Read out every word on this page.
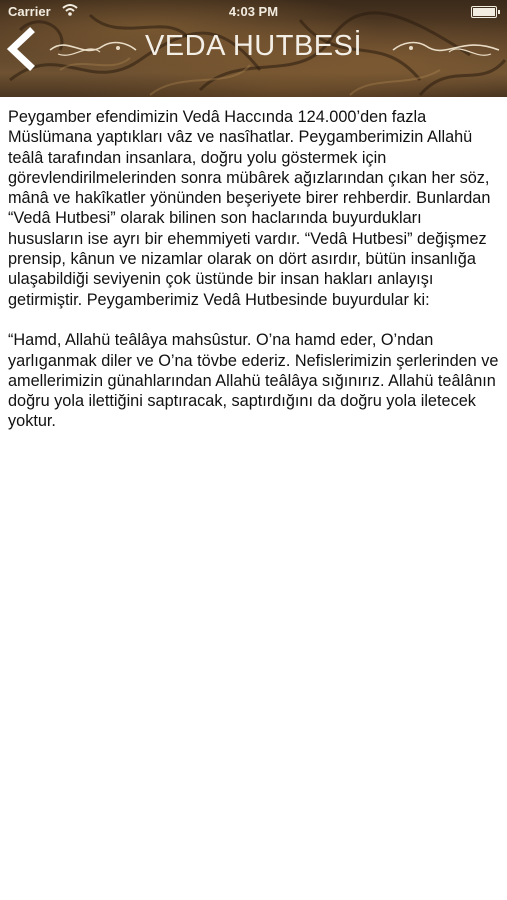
Carrier	4:03 PM
VEDA HUTBESİ

Peygamber efendimizin Vedâ Haccında 124.000’den fazla Müslümana yaptıkları vâz ve nasîhatlar. Peygamberimizin Allahü teâlâ tarafından insanlara, doğru yolu göstermek için görevlendirilmelerinden sonra mübârek ağızlarından çıkan her söz, mânâ ve hakîkatler yönünden beşeriyete birer rehberdir. Bunlardan “Vedâ Hutbesi” olarak bilinen son haclarında buyurdukları hususların ise ayrı bir ehemmiyeti vardır. “Vedâ Hutbesi” değişmez prensip, kânun ve nizamlar olarak on dört asırdır, bütün insanlığa ulaşabildiği seviyenin çok üstünde bir insan hakları anlayışı getirmiştir. Peygamberimiz Vedâ Hutbesinde buyurdular ki:

“Hamd, Allahü teâlâya mahsûstur. O’na hamd eder, O’ndan yarlıganmak diler ve O’na tövbe ederiz. Nefislerimizin şerlerinden ve amellerimizin günahlarından Allahü teâlâya sığınırız. Allahü teâlânın doğru yola ilettiğini saptıracak, saptırdığını da doğru yola iletecek yoktur.
